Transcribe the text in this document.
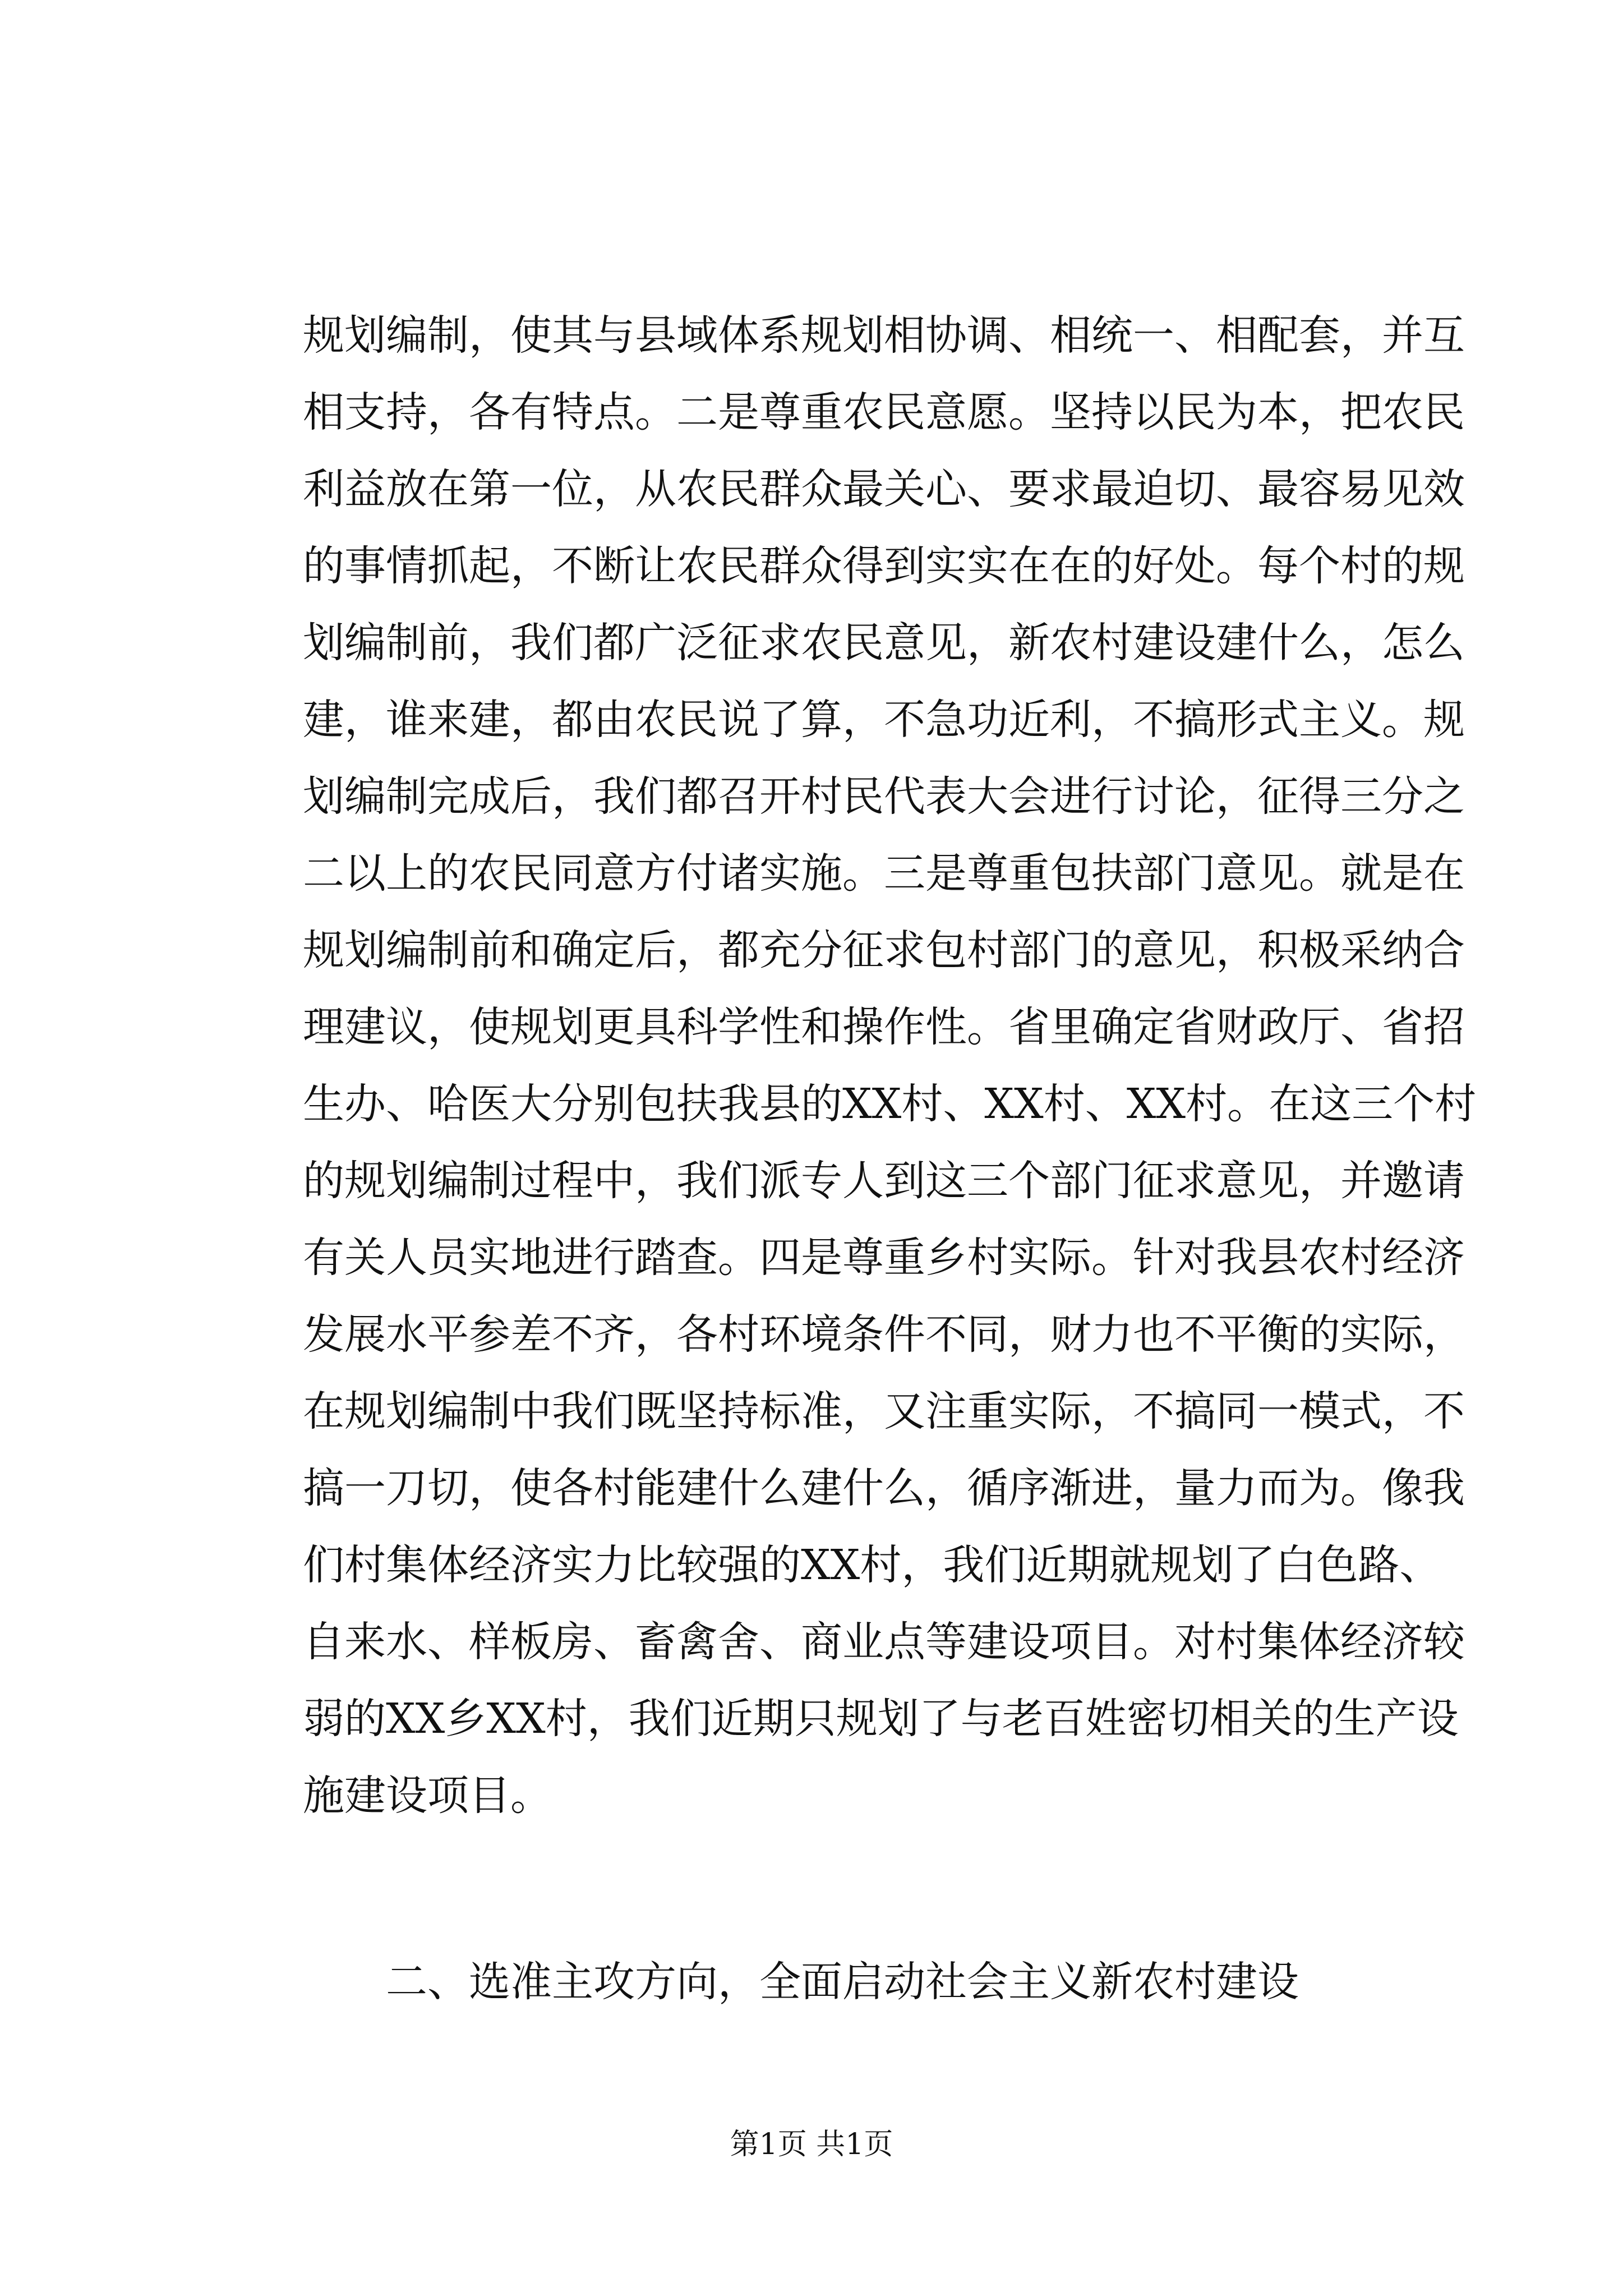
规划编制，使其与县域体系规划相协调、相统一、相配套，并互
相支持，各有特点。二是尊重农民意愿。坚持以民为本，把农民
利益放在第一位，从农民群众最关心、要求最迫切、最容易见效
的事情抓起，不断让农民群众得到实实在在的好处。每个村的规
划编制前，我们都广泛征求农民意见，新农村建设建什么，怎么
建，谁来建，都由农民说了算，不急功近利，不搞形式主义。规
划编制完成后，我们都召开村民代表大会进行讨论，征得三分之
二以上的农民同意方付诸实施。三是尊重包扶部门意见。就是在
规划编制前和确定后，都充分征求包村部门的意见，积极采纳合
理建议，使规划更具科学性和操作性。省里确定省财政厅、省招
生办、哈医大分别包扶我县的XX村、XX村、XX村。在这三个村
的规划编制过程中，我们派专人到这三个部门征求意见，并邀请
有关人员实地进行踏查。四是尊重乡村实际。针对我县农村经济
发展水平参差不齐，各村环境条件不同，财力也不平衡的实际，
在规划编制中我们既坚持标准，又注重实际，不搞同一模式，不
搞一刀切，使各村能建什么建什么，循序渐进，量力而为。像我
们村集体经济实力比较强的XX村，我们近期就规划了白色路、
自来水、样板房、畜禽舍、商业点等建设项目。对村集体经济较
弱的XX乡XX村，我们近期只规划了与老百姓密切相关的生产设
施建设项目。
二、选准主攻方向，全面启动社会主义新农村建设
第1页 共1页
